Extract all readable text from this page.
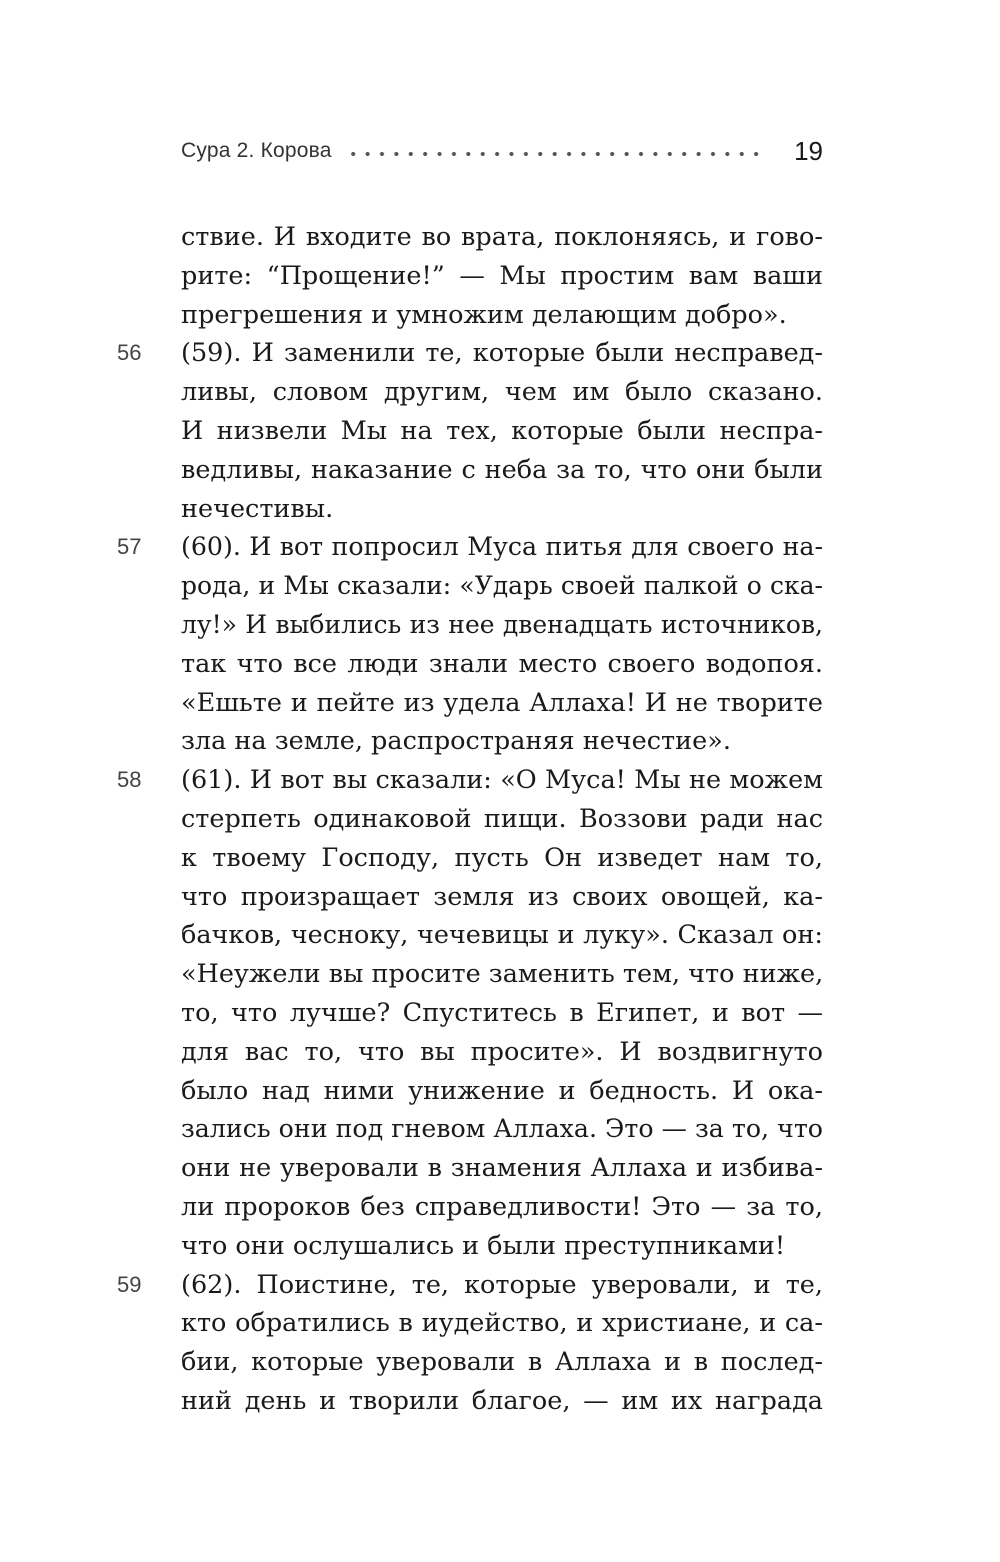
Сура 2. Корова	19
ствие. И входите во врата, поклоняясь, и гово-
рите: “Прощение!” — Мы простим вам ваши
прегрешения и умножим делающим добро».
56	(59). И заменили те, которые были несправед-
ливы, словом другим, чем им было сказано.
И низвели Мы на тех, которые были неспра-
ведливы, наказание с неба за то, что они были
нечестивы.
57	(60). И вот попросил Муса питья для своего на-
рода, и Мы сказали: «Ударь своей палкой о ска-
лу!» И выбились из нее двенадцать источников,
так что все люди знали место своего водопоя.
«Ешьте и пейте из удела Аллаха! И не творите
зла на земле, распространяя нечестие».
58	(61). И вот вы сказали: «О Муса! Мы не можем
стерпеть одинаковой пищи. Воззови ради нас
к твоему Господу, пусть Он изведет нам то,
что произращает земля из своих овощей, ка-
бачков, чесноку, чечевицы и луку». Сказал он:
«Неужели вы просите заменить тем, что ниже,
то, что лучше? Спуститесь в Египет, и вот —
для вас то, что вы просите». И воздвигнуто
было над ними унижение и бедность. И ока-
зались они под гневом Аллаха. Это — за то, что
они не уверовали в знамения Аллаха и избива-
ли пророков без справедливости! Это — за то,
что они ослушались и были преступниками!
59	(62). Поистине, те, которые уверовали, и те,
кто обратились в иудейство, и христиане, и са-
бии, которые уверовали в Аллаха и в послед-
ний день и творили благое, — им их награда
